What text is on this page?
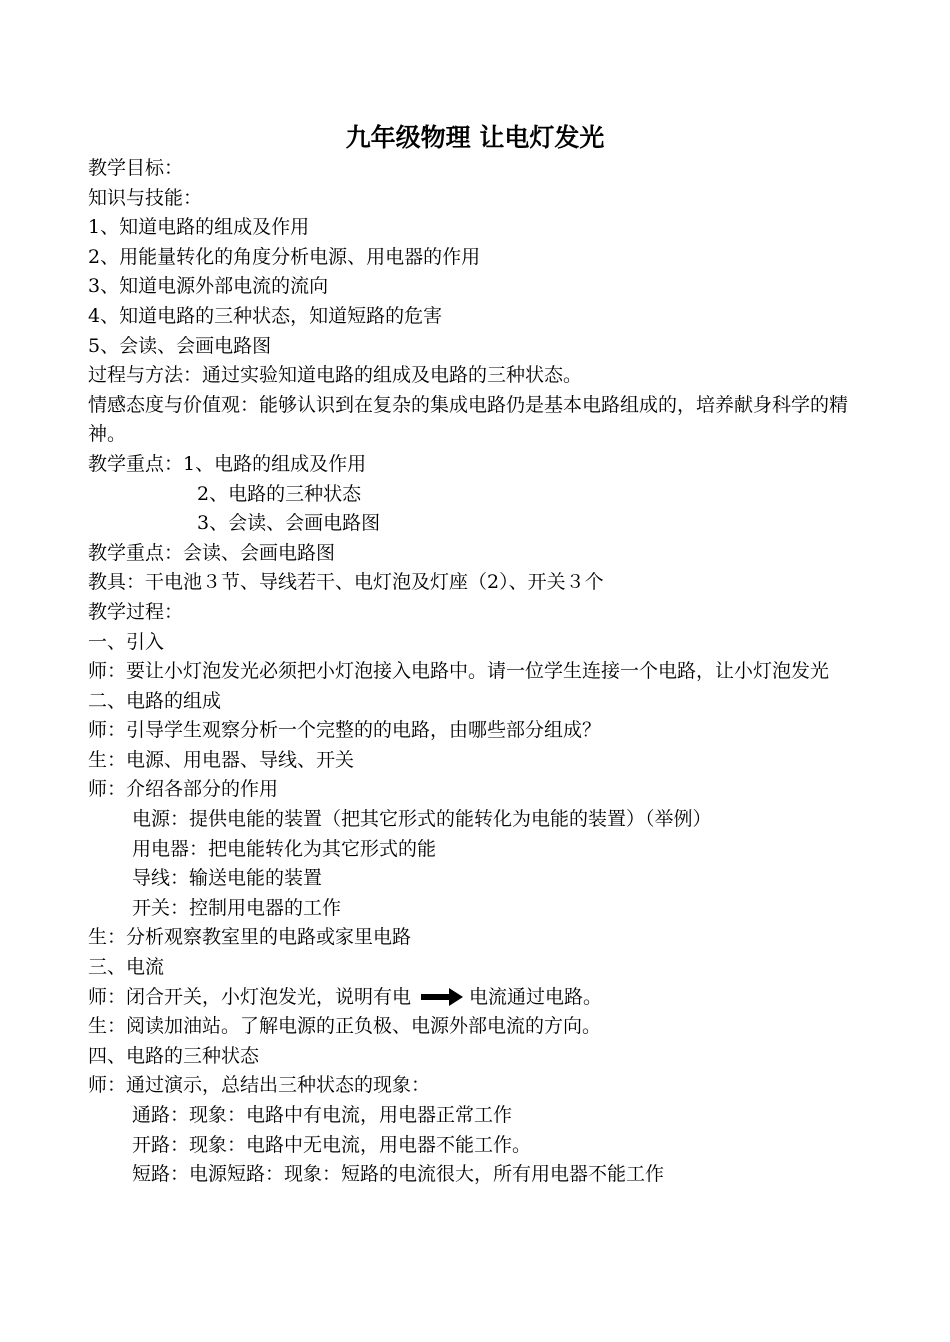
九年级物理 让电灯发光
教学目标：
知识与技能：
1、知道电路的组成及作用
2、用能量转化的角度分析电源、用电器的作用
3、知道电源外部电流的流向
4、知道电路的三种状态，知道短路的危害
5、会读、会画电路图
过程与方法：通过实验知道电路的组成及电路的三种状态。
情感态度与价值观：能够认识到在复杂的集成电路仍是基本电路组成的，培养献身科学的精神。
教学重点：1、电路的组成及作用
2、电路的三种状态
3、会读、会画电路图
教学重点：会读、会画电路图
教具：干电池３节、导线若干、电灯泡及灯座（2）、开关３个
教学过程：
一、引入
师：要让小灯泡发光必须把小灯泡接入电路中。请一位学生连接一个电路，让小灯泡发光
二、电路的组成
师：引导学生观察分析一个完整的的电路，由哪些部分组成？
生：电源、用电器、导线、开关
师：介绍各部分的作用
电源：提供电能的装置（把其它形式的能转化为电能的装置）（举例）
用电器：把电能转化为其它形式的能
导线：输送电能的装置
开关：控制用电器的工作
生：分析观察教室里的电路或家里电路
三、电流
师：闭合开关，小灯泡发光，说明有电	电流通过电路。
生：阅读加油站。了解电源的正负极、电源外部电流的方向。
四、电路的三种状态
师：通过演示，总结出三种状态的现象：
通路：现象：电路中有电流，用电器正常工作
开路：现象：电路中无电流，用电器不能工作。
短路：电源短路：现象：短路的电流很大，所有用电器不能工作
